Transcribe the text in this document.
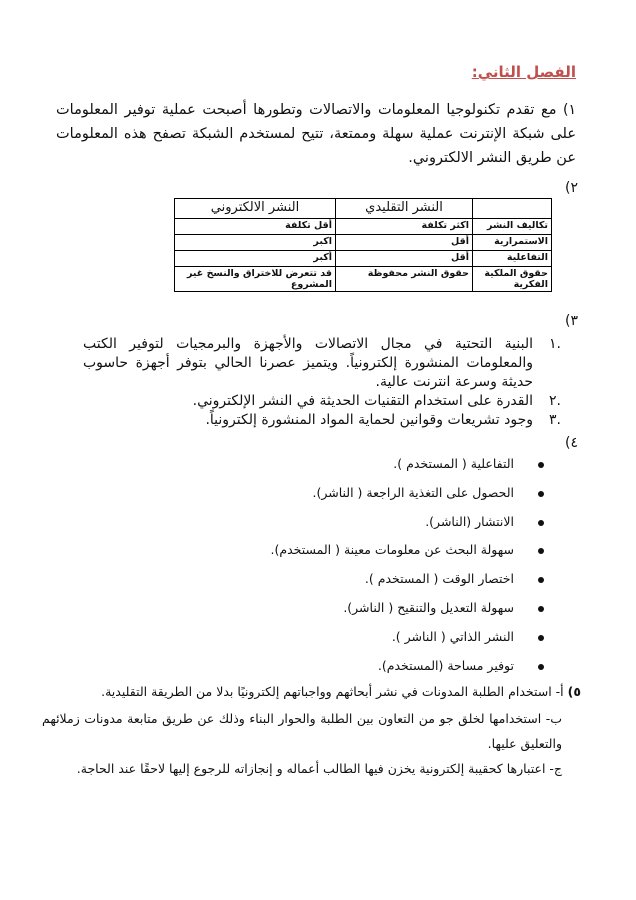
الفصل الثاني:
١) مع تقدم تكنولوجيا المعلومات والاتصالات وتطورها أصبحت عملية توفير المعلومات على شبكة الإنترنت عملية سهلة وممتعة، تتيح لمستخدم الشبكة تصفح هذه المعلومات عن طريق النشر الالكتروني.
٢)
	النشر التقليدي	النشر الالكتروني
تكاليف النشر	اكثر تكلفة	أقل تكلفة
الاستمرارية	أقل	اكبر
التفاعلية	أقل	أكبر
حقوق الملكية الفكرية	حقوق النشر محفوظة	قد تتعرض للاختراق والنسخ غير المشروع
٣)
.١
البنية التحتية في مجال الاتصالات والأجهزة والبرمجيات لتوفير الكتب والمعلومات المنشورة إلكترونياً. ويتميز عصرنا الحالي بتوفر أجهزة حاسوب حديثة وسرعة انترنت عالية.
.٢
القدرة على استخدام التقنيات الحديثة في النشر الإلكتروني.
.٣
وجود تشريعات وقوانين لحماية المواد المنشورة إلكترونياً.
٤)
التفاعلية ( المستخدم ).
الحصول على التغذية الراجعة ( الناشر).
الانتشار (الناشر).
سهولة البحث عن معلومات معينة ( المستخدم).
اختصار الوقت ( المستخدم ).
سهولة التعديل والتنقيح ( الناشر).
النشر الذاتي ( الناشر ).
توفير مساحة (المستخدم).
٥) أ- استخدام الطلبة المدونات في نشر أبحاثهم وواجباتهم إلكترونيًا بدلا من الطريقة التقليدية.
ب- استخدامها لخلق جو من التعاون بين الطلبة والحوار البناء وذلك عن طريق متابعة مدونات زملائهم والتعليق عليها.
ج- اعتبارها كحقيبة إلكترونية يخزن فيها الطالب أعماله و إنجازاته للرجوع إليها لاحقًا عند الحاجة.
